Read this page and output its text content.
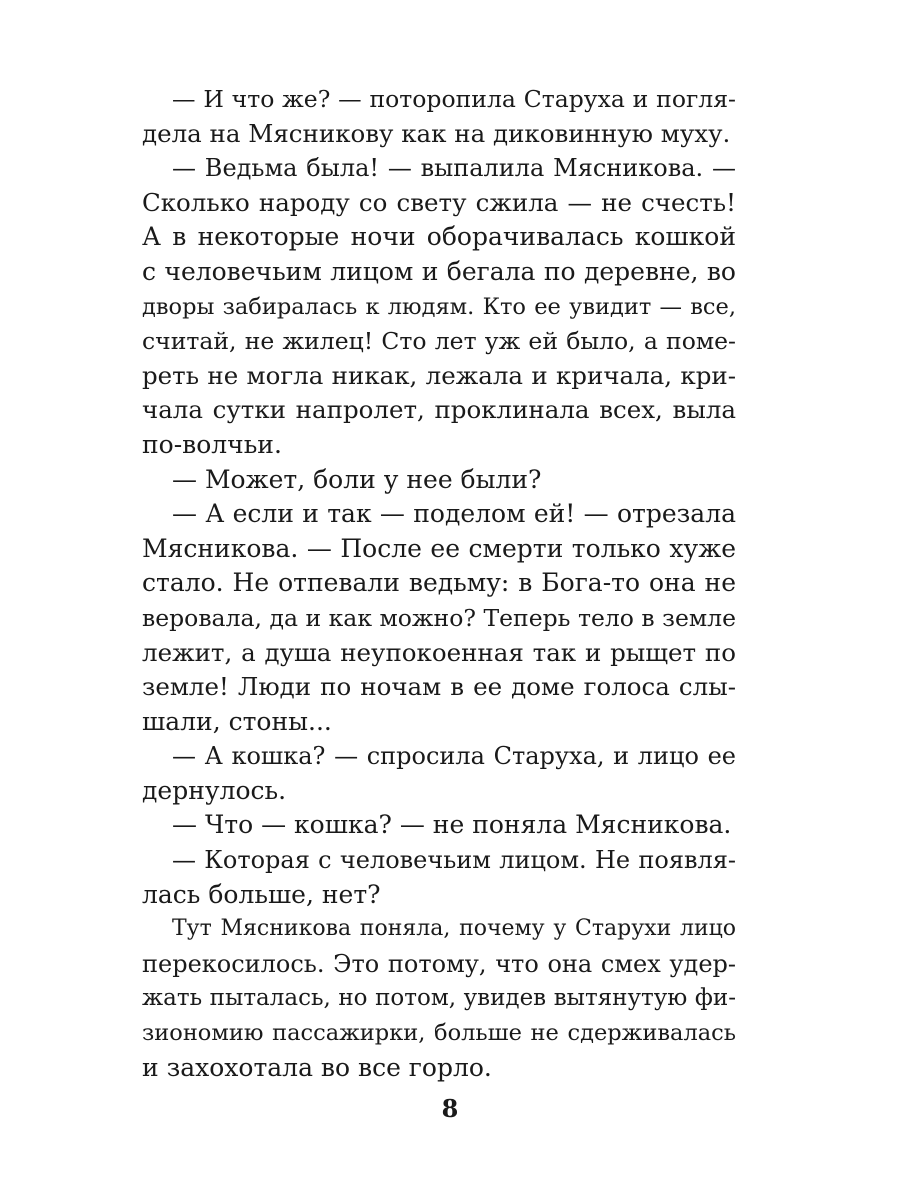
— И что же? — поторопила Старуха и погля-
дела на Мясникову как на диковинную муху.
— Ведьма была! — выпалила Мясникова. —
Сколько народу со свету сжила — не счесть!
А в некоторые ночи оборачивалась кошкой
с человечьим лицом и бегала по деревне, во
дворы забиралась к людям. Кто ее увидит — все,
считай, не жилец! Сто лет уж ей было, а поме-
реть не могла никак, лежала и кричала, кри-
чала сутки напролет, проклинала всех, выла
по-волчьи.
— Может, боли у нее были?
— А если и так — поделом ей! — отрезала
Мясникова. — После ее смерти только хуже
стало. Не отпевали ведьму: в Бога-то она не
веровала, да и как можно? Теперь тело в земле
лежит, а душа неупокоенная так и рыщет по
земле! Люди по ночам в ее доме голоса слы-
шали, стоны...
— А кошка? — спросила Старуха, и лицо ее
дернулось.
— Что — кошка? — не поняла Мясникова.
— Которая с человечьим лицом. Не появля-
лась больше, нет?
Тут Мясникова поняла, почему у Старухи лицо
перекосилось. Это потому, что она смех удер-
жать пыталась, но потом, увидев вытянутую фи-
зиономию пассажирки, больше не сдерживалась
и захохотала во все горло.
8
